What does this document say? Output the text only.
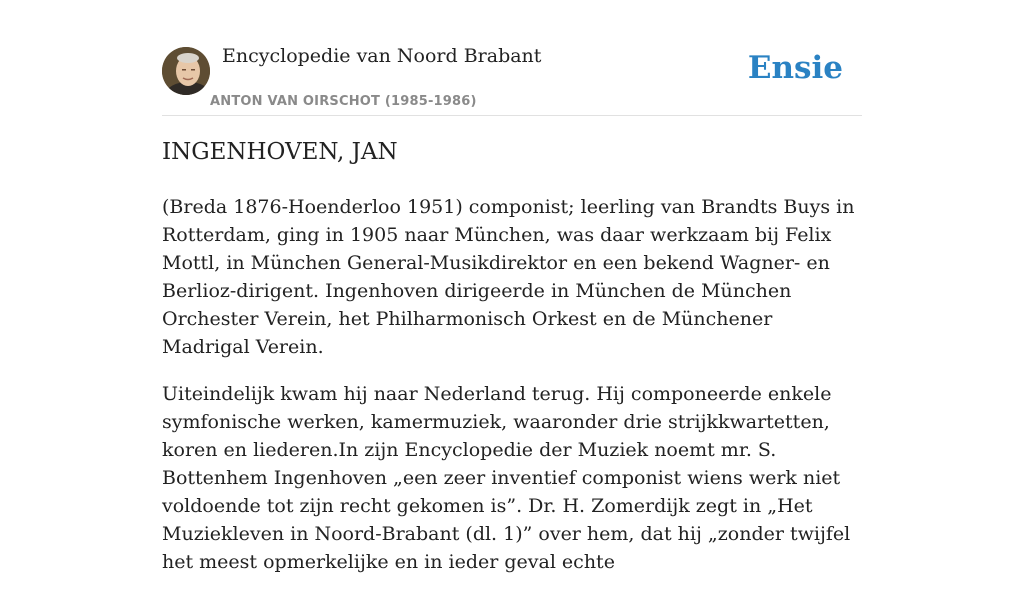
Encyclopedie van Noord Brabant
ANTON VAN OIRSCHOT (1985-1986)
Ensie
INGENHOVEN, JAN

(Breda 1876-Hoenderloo 1951) componist; leerling van Brandts Buys in Rotterdam, ging in 1905 naar München, was daar werkzaam bij Felix Mottl, in München General-Musikdirektor en een bekend Wagner- en Berlioz-dirigent. Ingenhoven dirigeerde in München de München Orchester Verein, het Philharmonisch Orkest en de Münchener Madrigal Verein.

Uiteindelijk kwam hij naar Nederland terug. Hij componeerde enkele symfonische werken, kamermuziek, waaronder drie strijkkwartetten, koren en liederen.In zijn Encyclopedie der Muziek noemt mr. S. Bottenhem Ingenhoven „een zeer inventief componist wiens werk niet voldoende tot zijn recht gekomen is”. Dr. H. Zomerdijk zegt in „Het Muziekleven in Noord-Brabant (dl. 1)” over hem, dat hij „zonder twijfel het meest opmerkelijke en in ieder geval echte
